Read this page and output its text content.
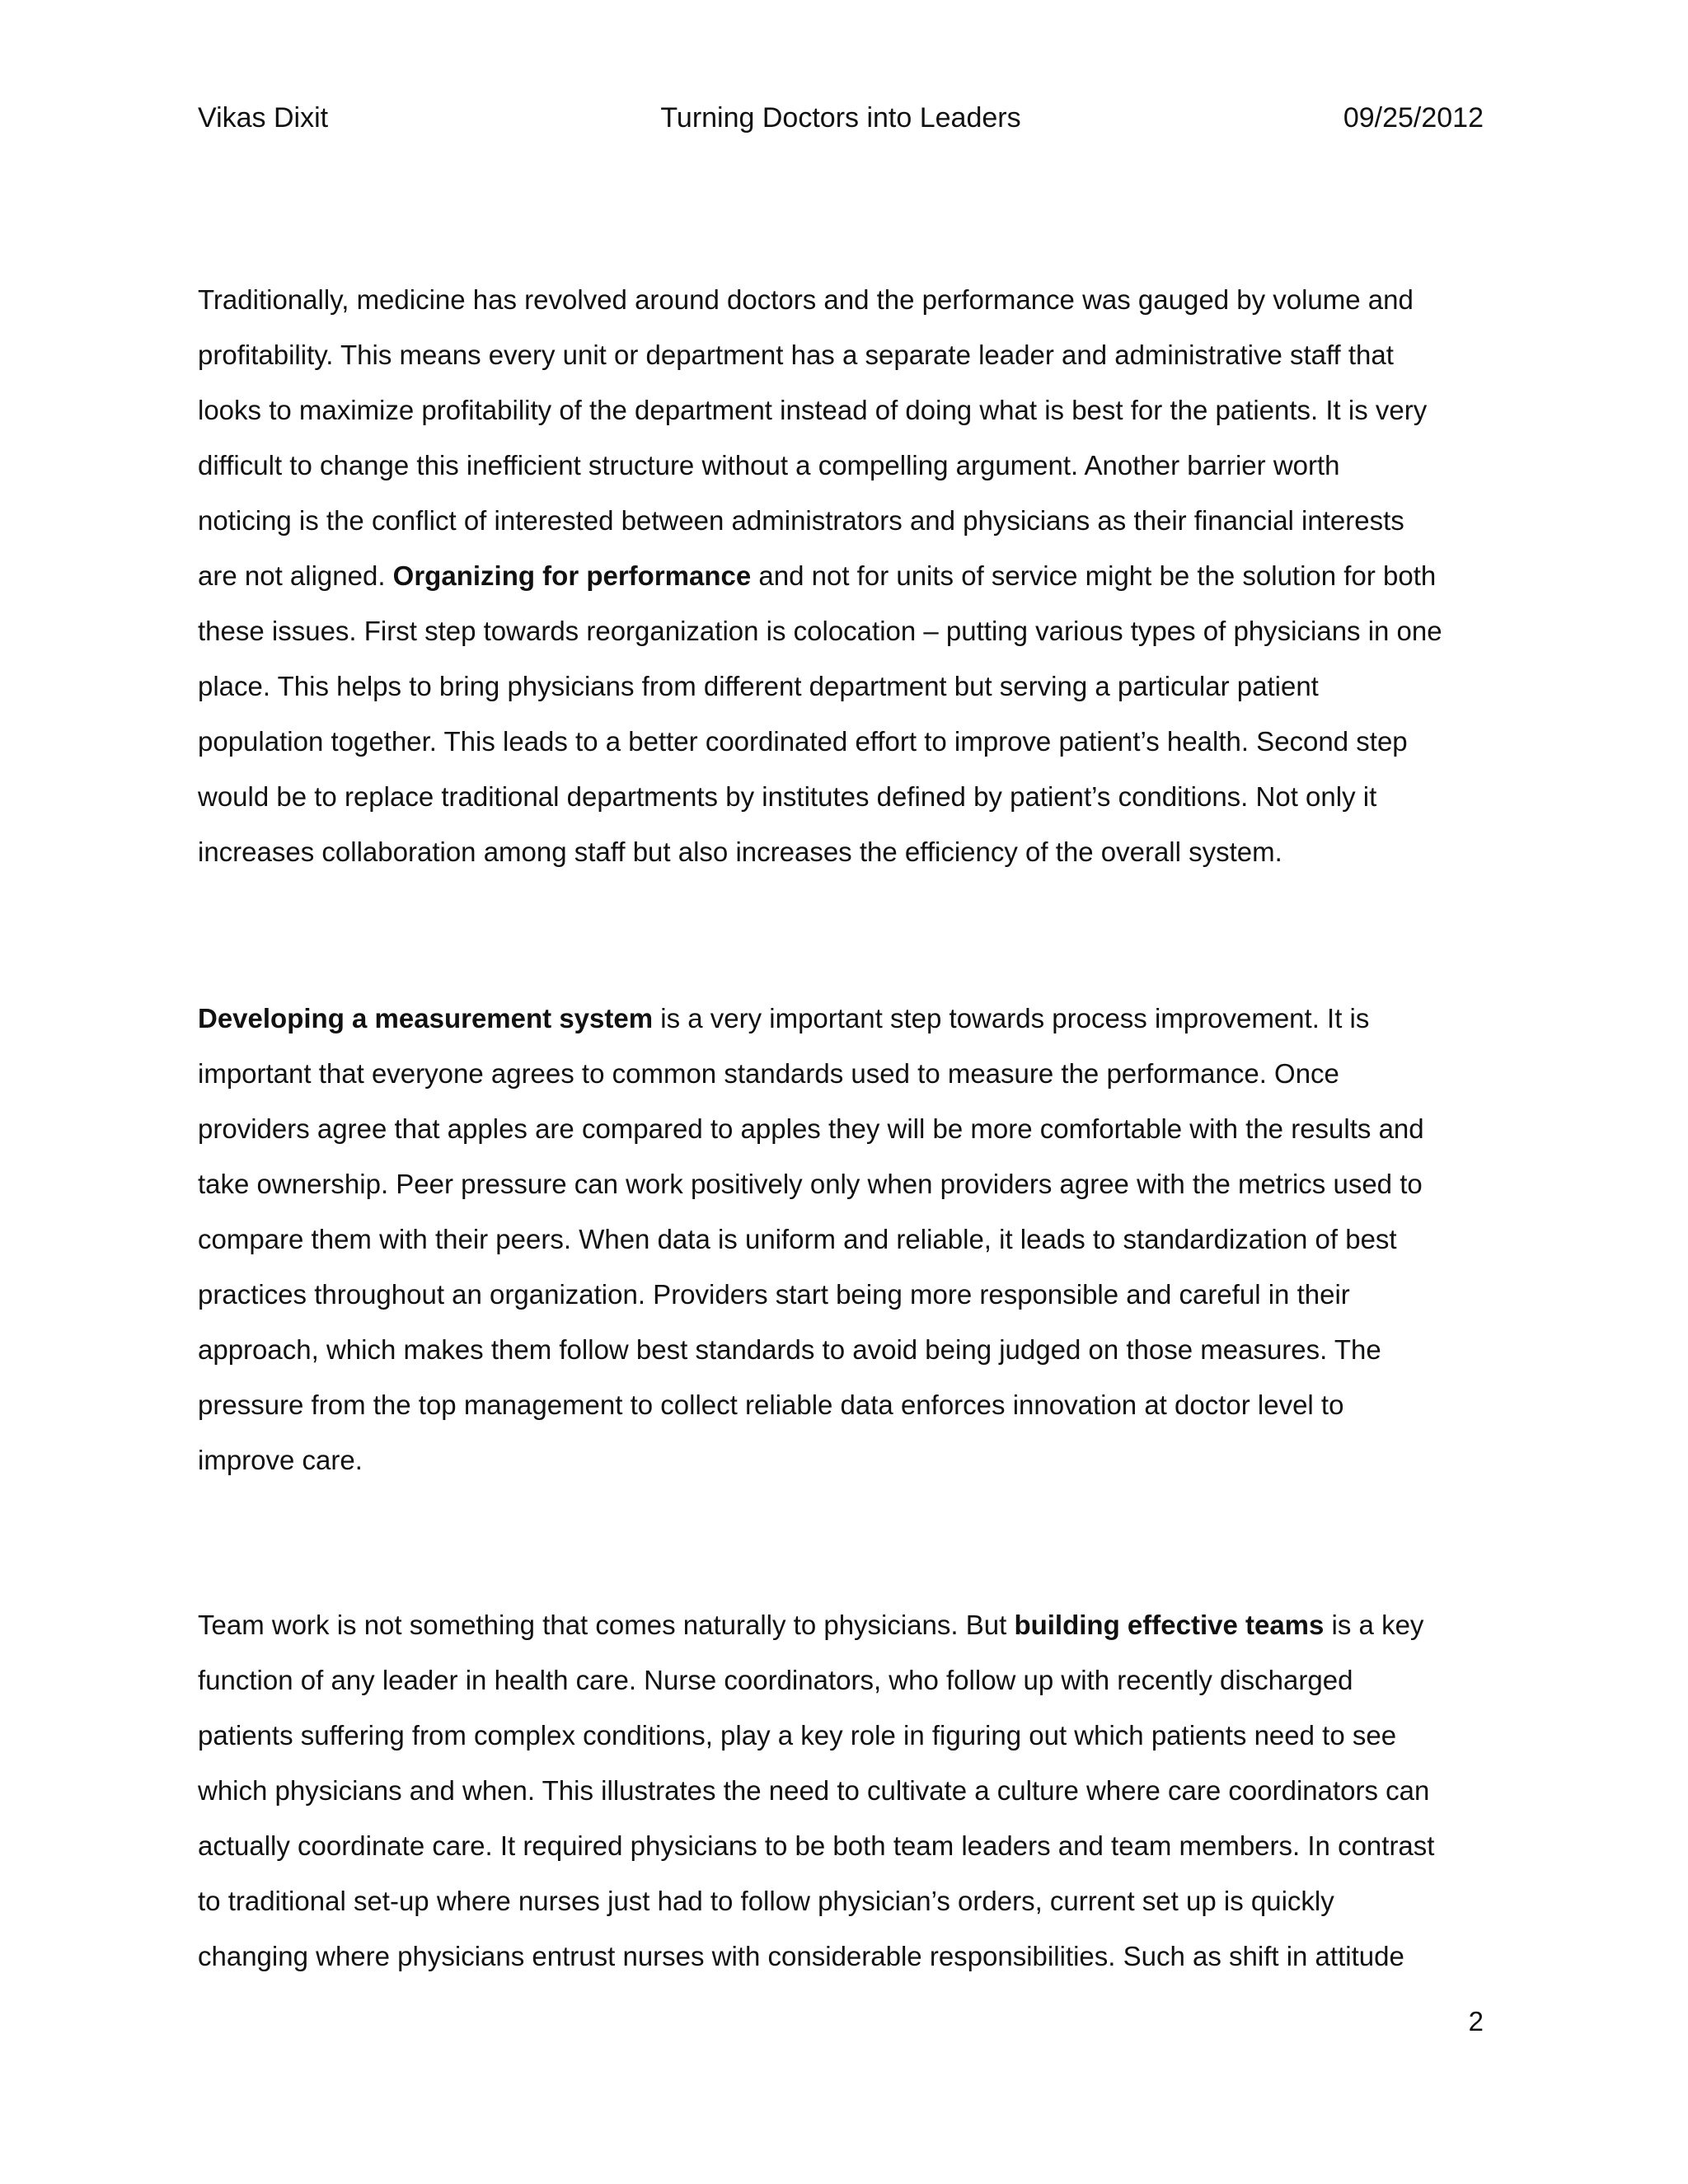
Vikas Dixit	Turning Doctors into Leaders	09/25/2012
Traditionally, medicine has revolved around doctors and the performance was gauged by volume and
profitability. This means every unit or department has a separate leader and administrative staff that
looks to maximize profitability of the department instead of doing what is best for the patients. It is very
difficult to change this inefficient structure without a compelling argument. Another barrier worth
noticing is the conflict of interested between administrators and physicians as their financial interests
are not aligned. Organizing for performance and not for units of service might be the solution for both
these issues. First step towards reorganization is colocation – putting various types of physicians in one
place. This helps to bring physicians from different department but serving a particular patient
population together. This leads to a better coordinated effort to improve patient’s health. Second step
would be to replace traditional departments by institutes defined by patient’s conditions. Not only it
increases collaboration among staff but also increases the efficiency of the overall system.
Developing a measurement system is a very important step towards process improvement. It is
important that everyone agrees to common standards used to measure the performance. Once
providers agree that apples are compared to apples they will be more comfortable with the results and
take ownership. Peer pressure can work positively only when providers agree with the metrics used to
compare them with their peers. When data is uniform and reliable, it leads to standardization of best
practices throughout an organization. Providers start being more responsible and careful in their
approach, which makes them follow best standards to avoid being judged on those measures. The
pressure from the top management to collect reliable data enforces innovation at doctor level to
improve care.
Team work is not something that comes naturally to physicians. But building effective teams is a key
function of any leader in health care. Nurse coordinators, who follow up with recently discharged
patients suffering from complex conditions, play a key role in figuring out which patients need to see
which physicians and when. This illustrates the need to cultivate a culture where care coordinators can
actually coordinate care. It required physicians to be both team leaders and team members. In contrast
to traditional set-up where nurses just had to follow physician’s orders, current set up is quickly
changing where physicians entrust nurses with considerable responsibilities. Such as shift in attitude
2
